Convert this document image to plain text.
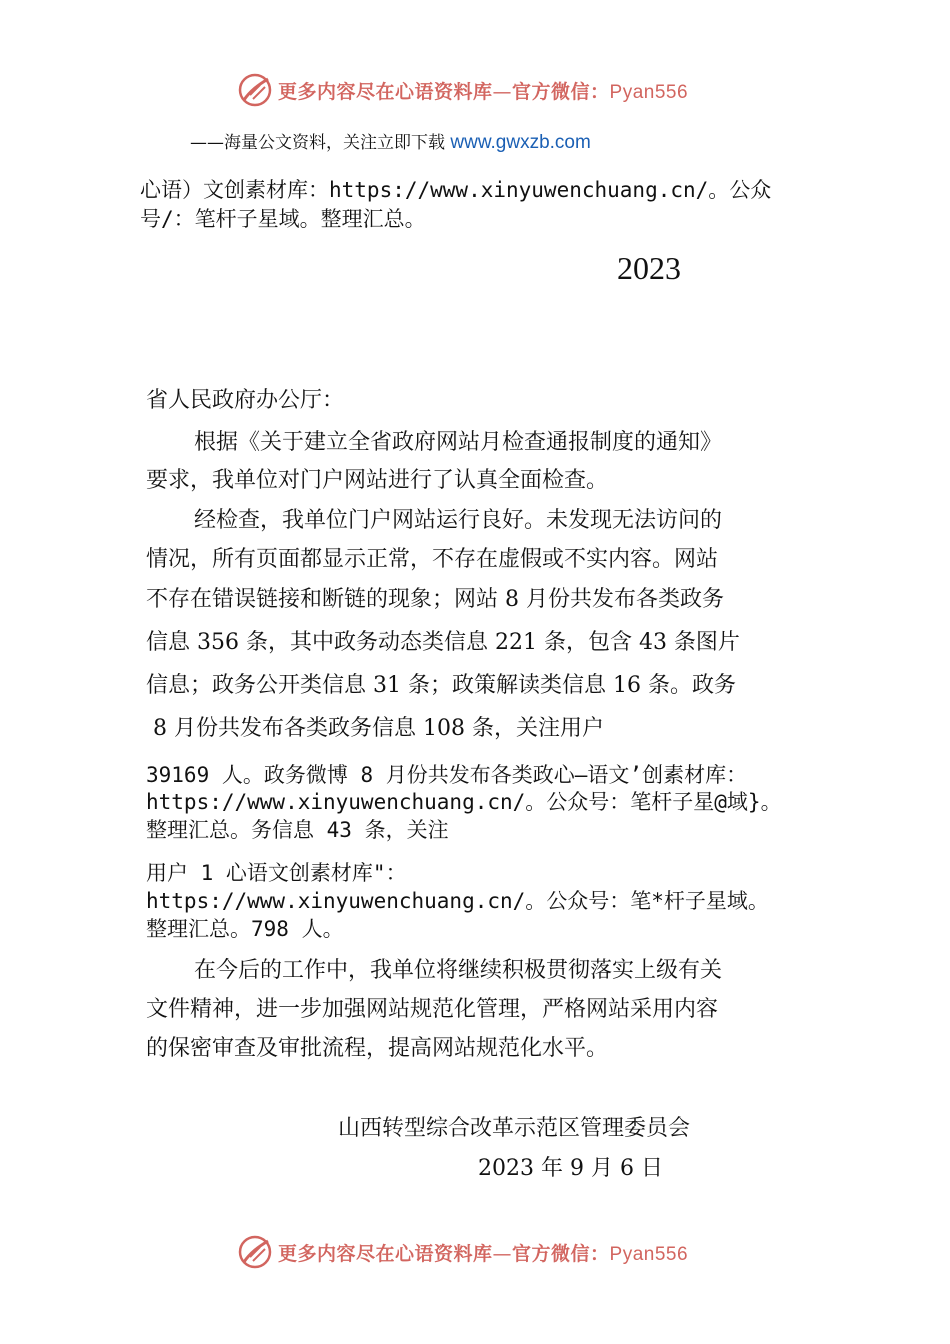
更多内容尽在心语资料库—官方微信：Pyan556
——海量公文资料，关注立即下载 www.gwxzb.com
心语）文创素材库：https://www.xinyuwenchuang.cn/。公众
号/：笔杆子星域。整理汇总。
2023
省人民政府办公厅：
根据《关于建立全省政府网站月检查通报制度的通知》
要求，我单位对门户网站进行了认真全面检查。
经检查，我单位门户网站运行良好。未发现无法访问的
情况，所有页面都显示正常，不存在虚假或不实内容。网站
不存在错误链接和断链的现象；网站 8 月份共发布各类政务
信息 356 条，其中政务动态类信息 221 条，包含 43 条图片
信息；政务公开类信息 31 条；政策解读类信息 16 条。政务
8 月份共发布各类政务信息 108 条，关注用户
39169 人。政务微博 8 月份共发布各类政心—语文’创素材库：
https://www.xinyuwenchuang.cn/。公众号：笔杆子星@域}。
整理汇总。务信息 43 条，关注
用户 1 心语文创素材库"：
https://www.xinyuwenchuang.cn/。公众号：笔*杆子星域。
整理汇总。798 人。
在今后的工作中，我单位将继续积极贯彻落实上级有关
文件精神，进一步加强网站规范化管理，严格网站采用内容
的保密审查及审批流程，提高网站规范化水平。
山西转型综合改革示范区管理委员会
2023 年 9 月 6 日
更多内容尽在心语资料库—官方微信：Pyan556
